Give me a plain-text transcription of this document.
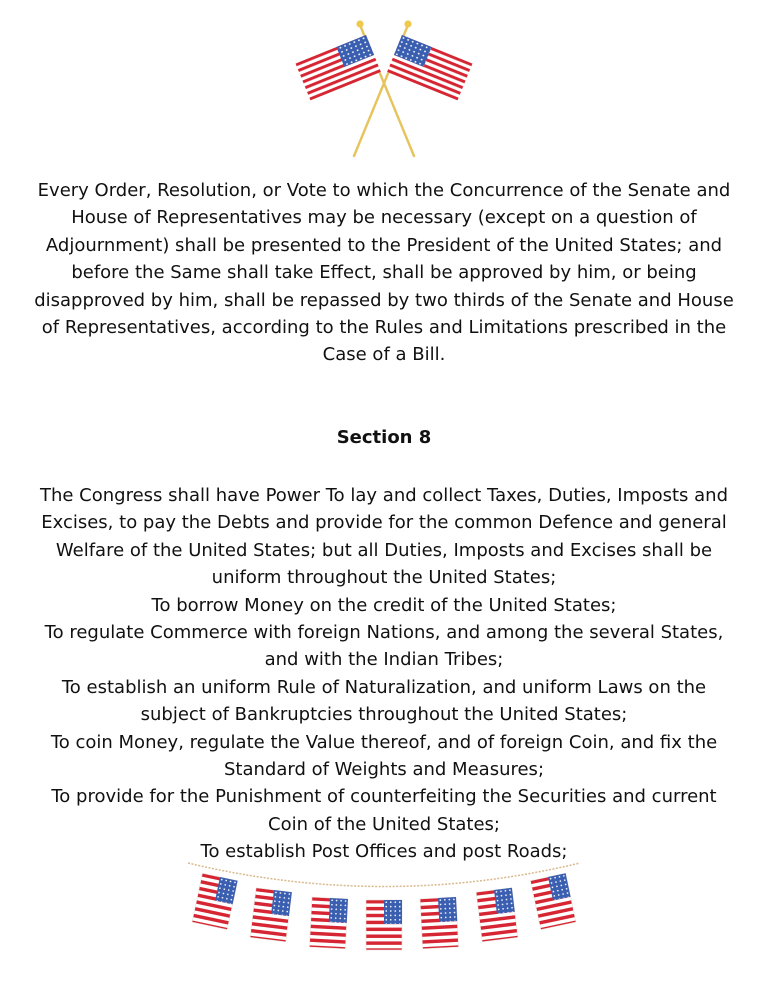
Every Order, Resolution, or Vote to which the Concurrence of the Senate and House of Representatives may be necessary (except on a question of Adjournment) shall be presented to the President of the United States; and before the Same shall take Effect, shall be approved by him, or being disapproved by him, shall be repassed by two thirds of the Senate and House of Representatives, according to the Rules and Limitations prescribed in the Case of a Bill.

Section 8
The Congress shall have Power To lay and collect Taxes, Duties, Imposts and Excises, to pay the Debts and provide for the common Defence and general Welfare of the United States; but all Duties, Imposts and Excises shall be uniform throughout the United States;
To borrow Money on the credit of the United States;
To regulate Commerce with foreign Nations, and among the several States, and with the Indian Tribes;
To establish an uniform Rule of Naturalization, and uniform Laws on the subject of Bankruptcies throughout the United States;
To coin Money, regulate the Value thereof, and of foreign Coin, and fix the Standard of Weights and Measures;
To provide for the Punishment of counterfeiting the Securities and current Coin of the United States;
To establish Post Offices and post Roads;
